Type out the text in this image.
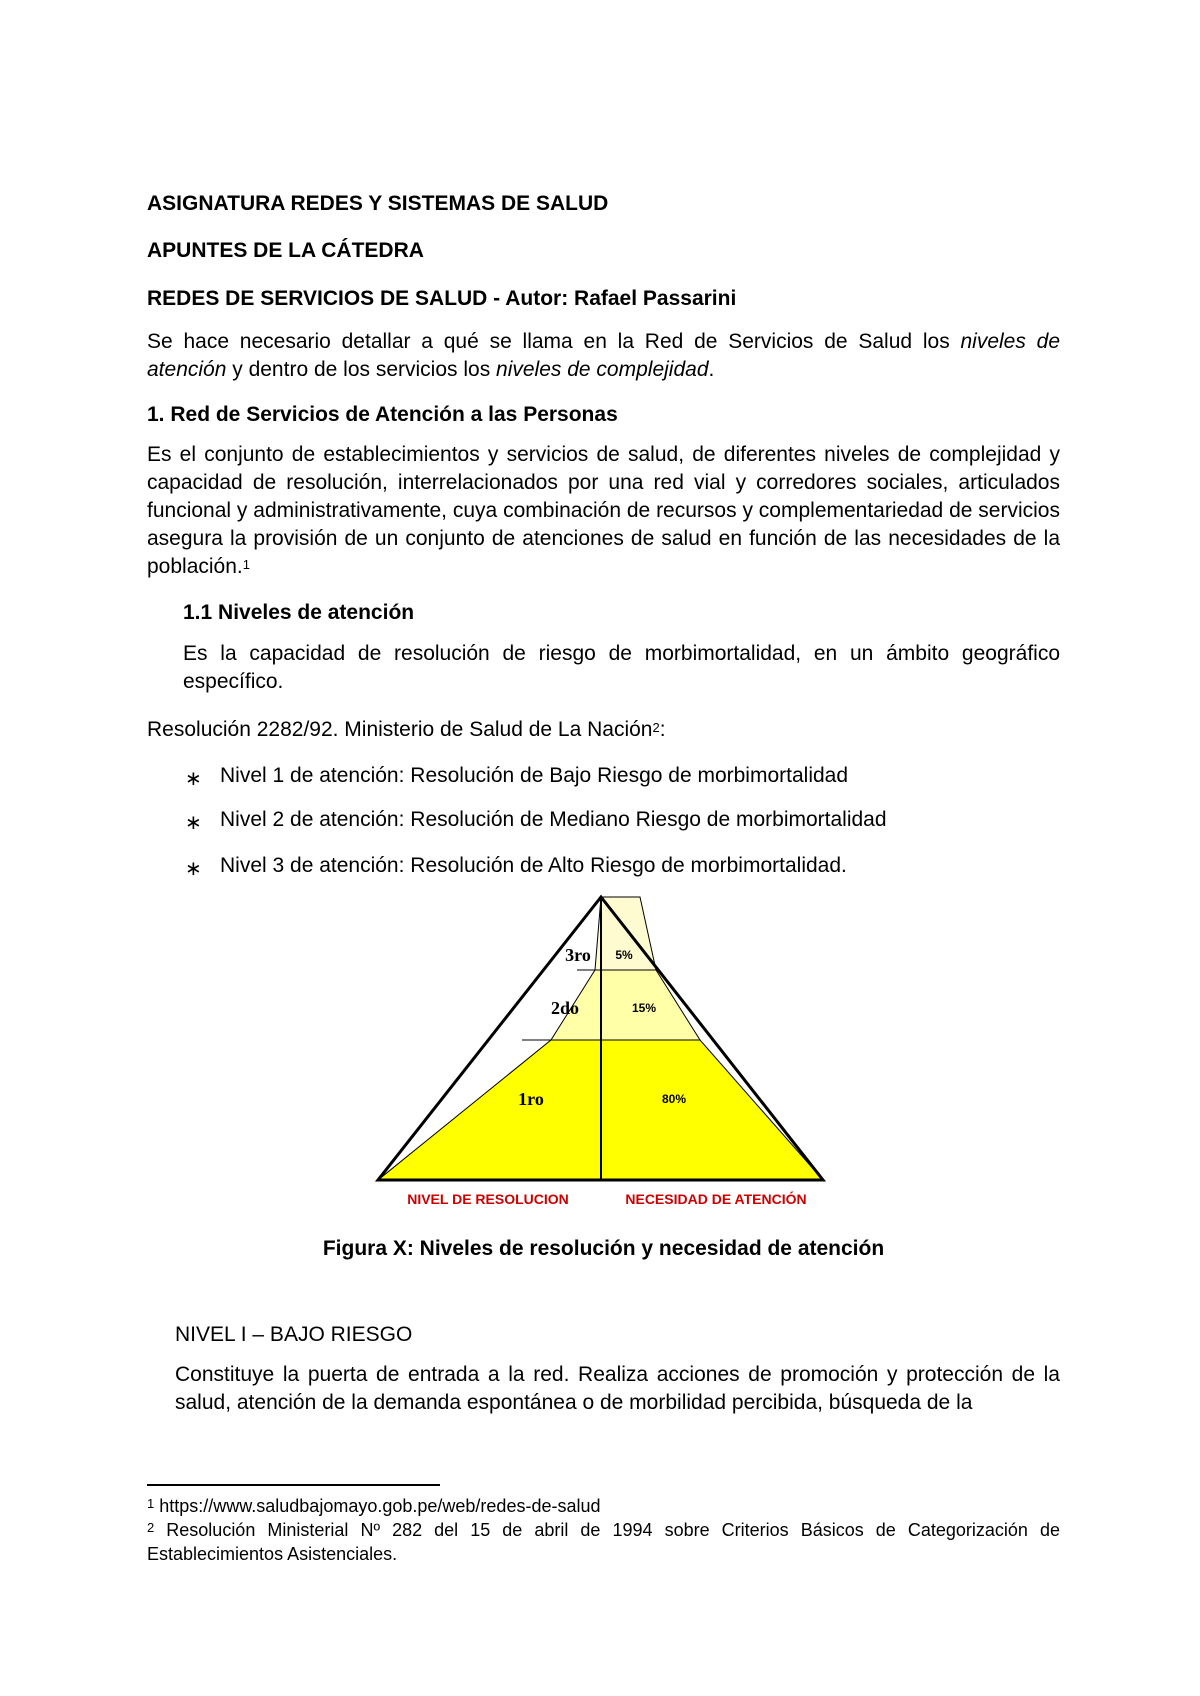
ASIGNATURA REDES Y SISTEMAS DE SALUD
APUNTES DE LA CÁTEDRA
REDES DE SERVICIOS DE SALUD - Autor: Rafael Passarini

Se hace necesario detallar a qué se llama en la Red de Servicios de Salud los niveles de atención y dentro de los servicios los niveles de complejidad.

1. Red de Servicios de Atención a las Personas

Es el conjunto de establecimientos y servicios de salud, de diferentes niveles de complejidad y capacidad de resolución, interrelacionados por una red vial y corredores sociales, articulados funcional y administrativamente, cuya combinación de recursos y complementariedad de servicios asegura la provisión de un conjunto de atenciones de salud en función de las necesidades de la población.$^1$

1.1 Niveles de atención

Es la capacidad de resolución de riesgo de morbimortalidad, en un ámbito geográfico específico.

Resolución 2282/92. Ministerio de Salud de La Nación$^2$:
∗ Nivel 1 de atención: Resolución de Bajo Riesgo de morbimortalidad
∗ Nivel 2 de atención: Resolución de Mediano Riesgo de morbimortalidad
∗ Nivel 3 de atención: Resolución de Alto Riesgo de morbimortalidad.
3ro 5%
2do	15%
1ro	80%
NIVEL DE RESOLUCION	NECESIDAD DE ATENCIÓN
Figura X: Niveles de resolución y necesidad de atención
NIVEL I – BAJO RIESGO

Constituye la puerta de entrada a la red. Realiza acciones de promoción y protección de la salud, atención de la demanda espontánea o de morbilidad percibida, búsqueda de la

$^1$ https://www.saludbajomayo.gob.pe/web/redes-de-salud
$^2$ Resolución Ministerial Nº 282 del 15 de abril de 1994 sobre Criterios Básicos de Categorización de Establecimientos Asistenciales.
